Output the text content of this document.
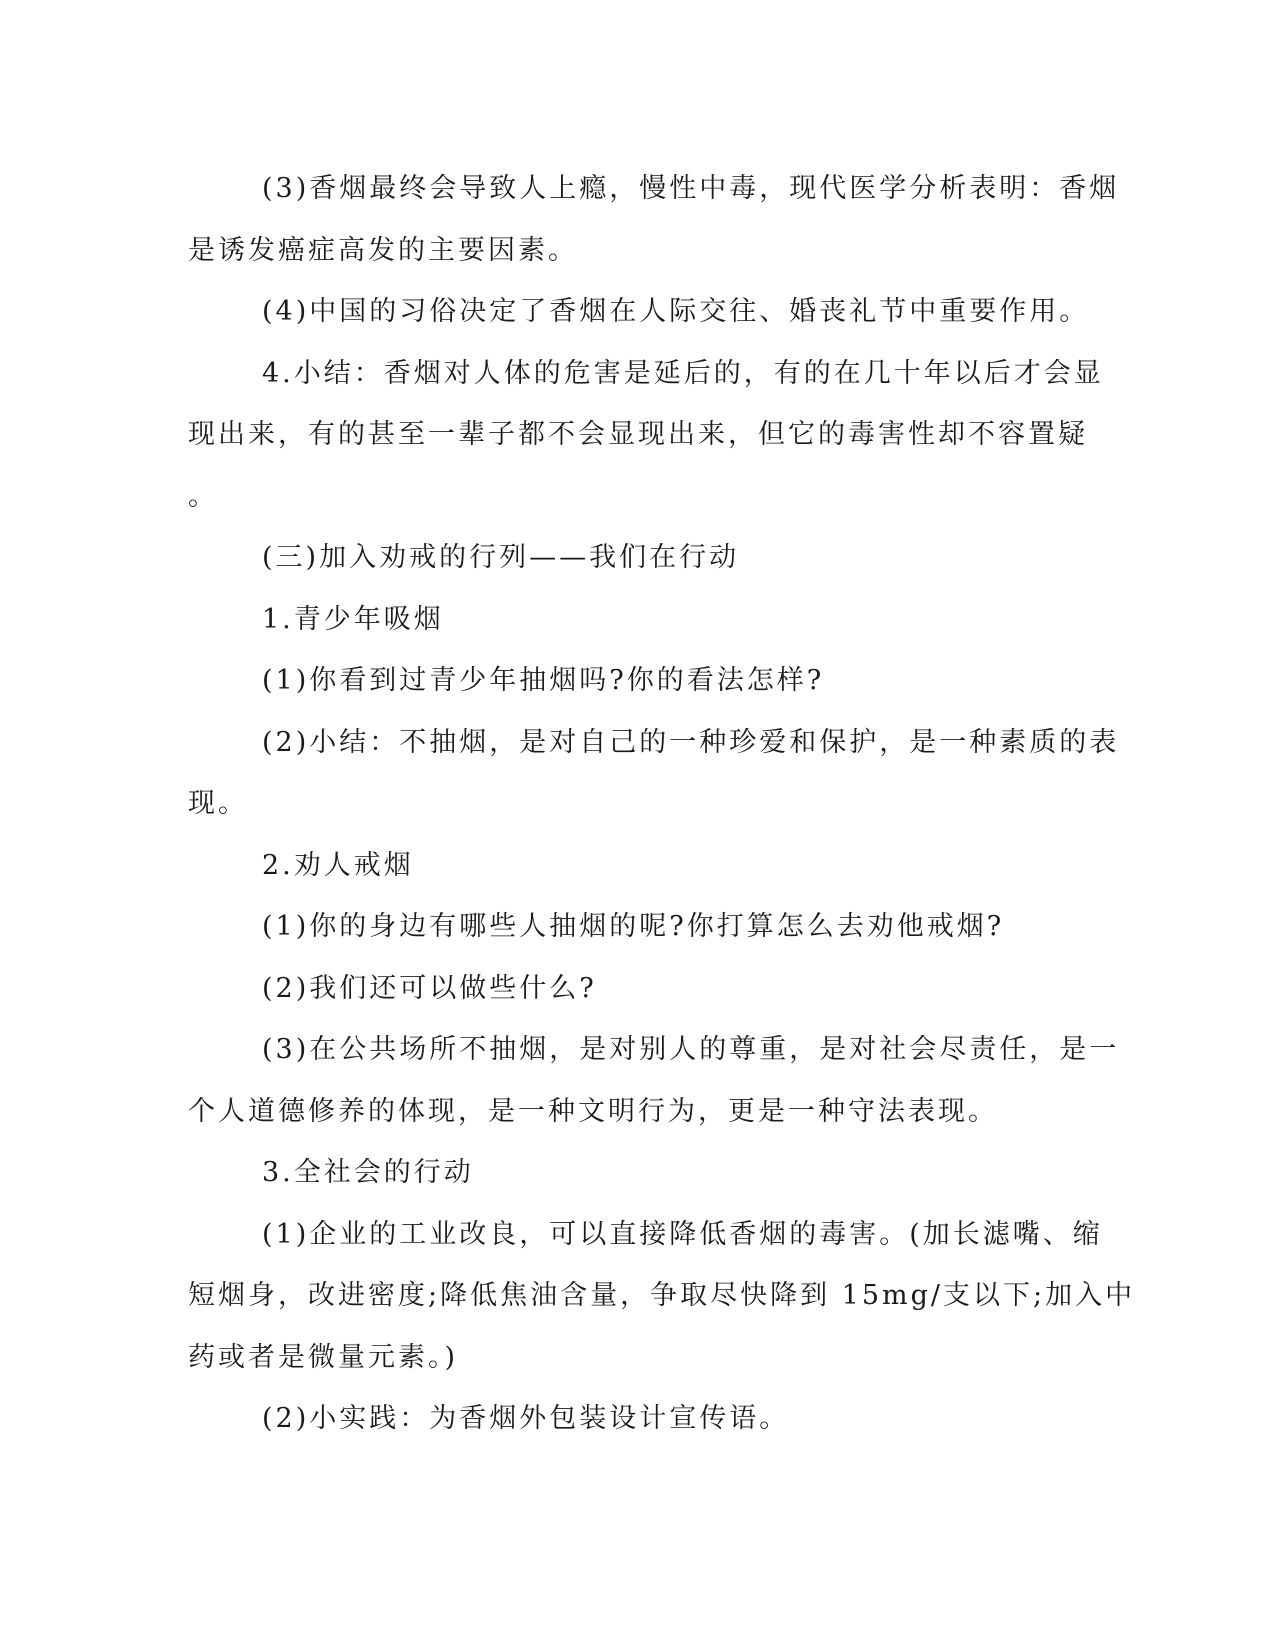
(3)香烟最终会导致人上瘾，慢性中毒，现代医学分析表明：香烟
是诱发癌症高发的主要因素。

(4)中国的习俗决定了香烟在人际交往、婚丧礼节中重要作用。

4.小结：香烟对人体的危害是延后的，有的在几十年以后才会显
现出来，有的甚至一辈子都不会显现出来，但它的毒害性却不容置疑
。

(三)加入劝戒的行列——我们在行动

1.青少年吸烟

(1)你看到过青少年抽烟吗?你的看法怎样?

(2)小结：不抽烟，是对自己的一种珍爱和保护，是一种素质的表
现。

2.劝人戒烟

(1)你的身边有哪些人抽烟的呢?你打算怎么去劝他戒烟?

(2)我们还可以做些什么?

(3)在公共场所不抽烟，是对别人的尊重，是对社会尽责任，是一
个人道德修养的体现，是一种文明行为，更是一种守法表现。

3.全社会的行动

(1)企业的工业改良，可以直接降低香烟的毒害。(加长滤嘴、缩
短烟身，改进密度;降低焦油含量，争取尽快降到 15mg/支以下;加入中
药或者是微量元素。)

(2)小实践：为香烟外包装设计宣传语。
